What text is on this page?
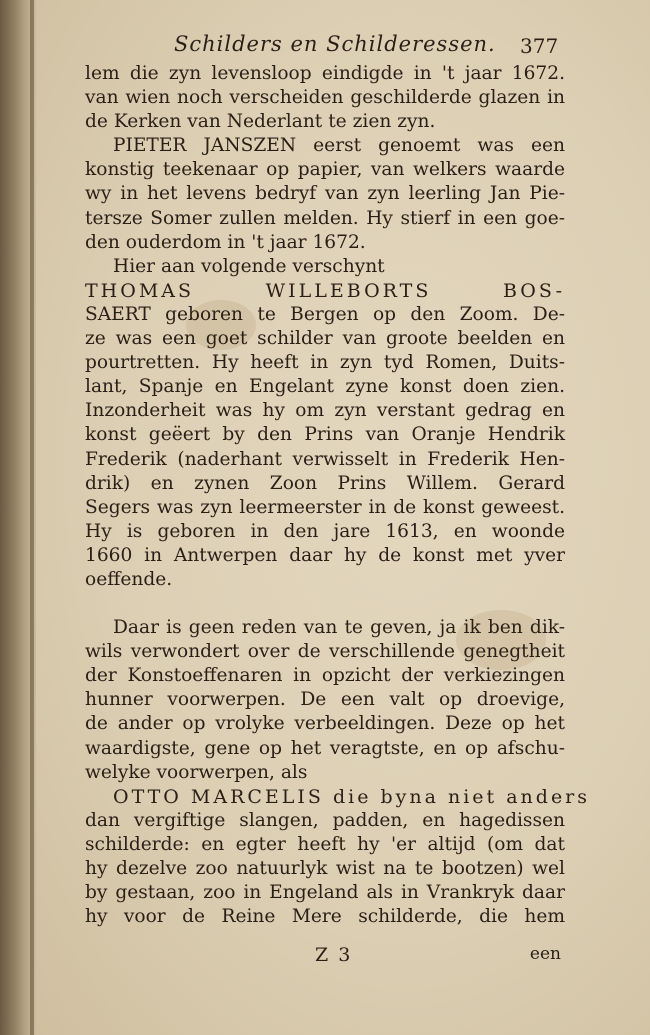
Schilders en Schilderessen. 377
lem die zyn levensloop eindigde in 't jaar 1672.
van wien noch verscheiden geschilderde glazen in
de Kerken van Nederlant te zien zyn.
PIETER JANSZEN eerst genoemt was een
konstig teekenaar op papier, van welkers waarde
wy in het levens bedryf van zyn leerling Jan Pie-
tersze Somer zullen melden. Hy stierf in een goe-
den ouderdom in 't jaar 1672.
Hier aan volgende verschynt
THOMAS WILLEBORTS BOS-
SAERT geboren te Bergen op den Zoom. De-
ze was een goet schilder van groote beelden en
pourtretten. Hy heeft in zyn tyd Romen, Duits-
lant, Spanje en Engelant zyne konst doen zien.
Inzonderheit was hy om zyn verstant gedrag en
konst geëert by den Prins van Oranje Hendrik
Frederik (naderhant verwisselt in Frederik Hen-
drik) en zynen Zoon Prins Willem. Gerard
Segers was zyn leermeerster in de konst geweest.
Hy is geboren in den jare 1613, en woonde
1660 in Antwerpen daar hy de konst met yver
oeffende.
Daar is geen reden van te geven, ja ik ben dik-
wils verwondert over de verschillende genegtheit
der Konstoeffenaren in opzicht der verkiezingen
hunner voorwerpen. De een valt op droevige,
de ander op vrolyke verbeeldingen. Deze op het
waardigste, gene op het veragtste, en op afschu-
welyke voorwerpen, als
OTTO MARCELIS die byna niet anders
dan vergiftige slangen, padden, en hagedissen
schilderde: en egter heeft hy 'er altijd (om dat
hy dezelve zoo natuurlyk wist na te bootzen) wel
by gestaan, zoo in Engeland als in Vrankryk daar
hy voor de Reine Mere schilderde, die hem
Z 3	een
